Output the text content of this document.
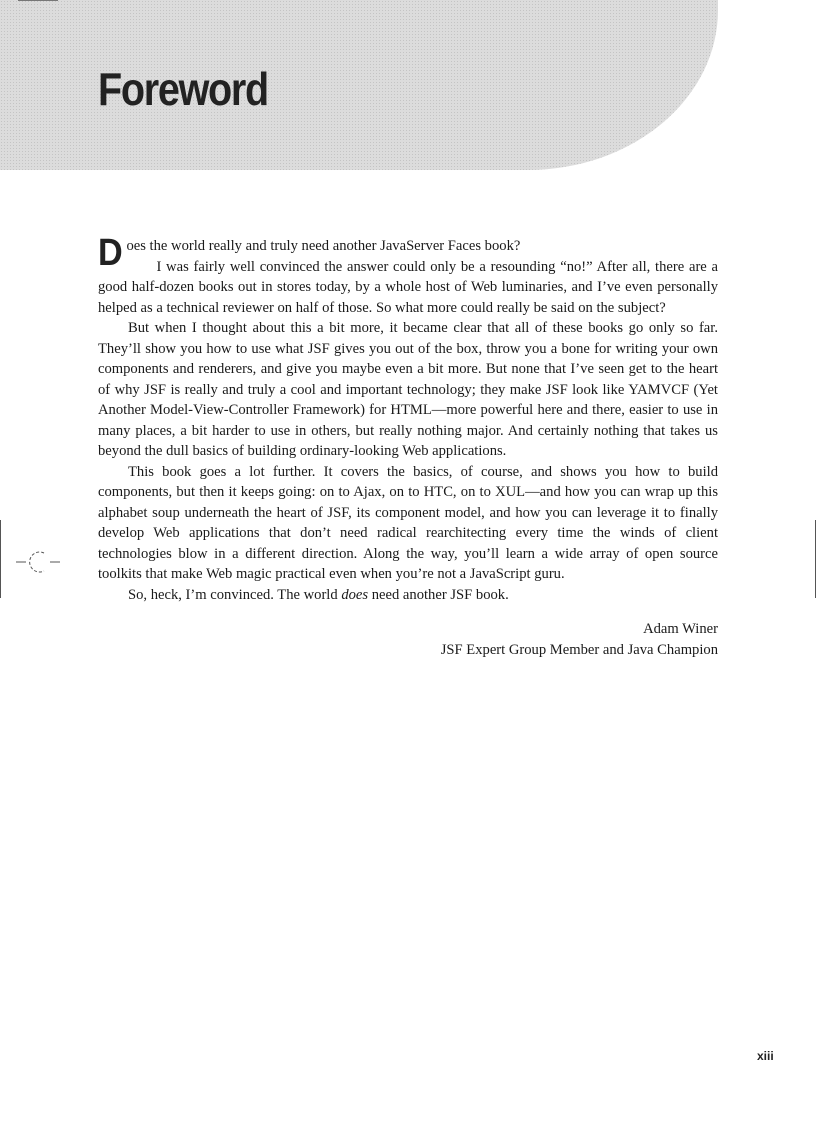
Foreword

Does the world really and truly need another JavaServer Faces book?

I was fairly well convinced the answer could only be a resounding “no!” After all, there are a good half-dozen books out in stores today, by a whole host of Web luminaries, and I’ve even personally helped as a technical reviewer on half of those. So what more could really be said on the subject?

But when I thought about this a bit more, it became clear that all of these books go only so far. They’ll show you how to use what JSF gives you out of the box, throw you a bone for writing your own components and renderers, and give you maybe even a bit more. But none that I’ve seen get to the heart of why JSF is really and truly a cool and important technology; they make JSF look like YAMVCF (Yet Another Model-View-Controller Framework) for HTML—more powerful here and there, easier to use in many places, a bit harder to use in others, but really nothing major. And certainly nothing that takes us beyond the dull basics of building ordinary-looking Web applications.

This book goes a lot further. It covers the basics, of course, and shows you how to build components, but then it keeps going: on to Ajax, on to HTC, on to XUL—and how you can wrap up this alphabet soup underneath the heart of JSF, its component model, and how you can leverage it to finally develop Web applications that don’t need radical rearchitecting every time the winds of client technologies blow in a different direction. Along the way, you’ll learn a wide array of open source toolkits that make Web magic practical even when you’re not a JavaScript guru.

So, heck, I’m convinced. The world does need another JSF book.

Adam Winer
JSF Expert Group Member and Java Champion
xiii
